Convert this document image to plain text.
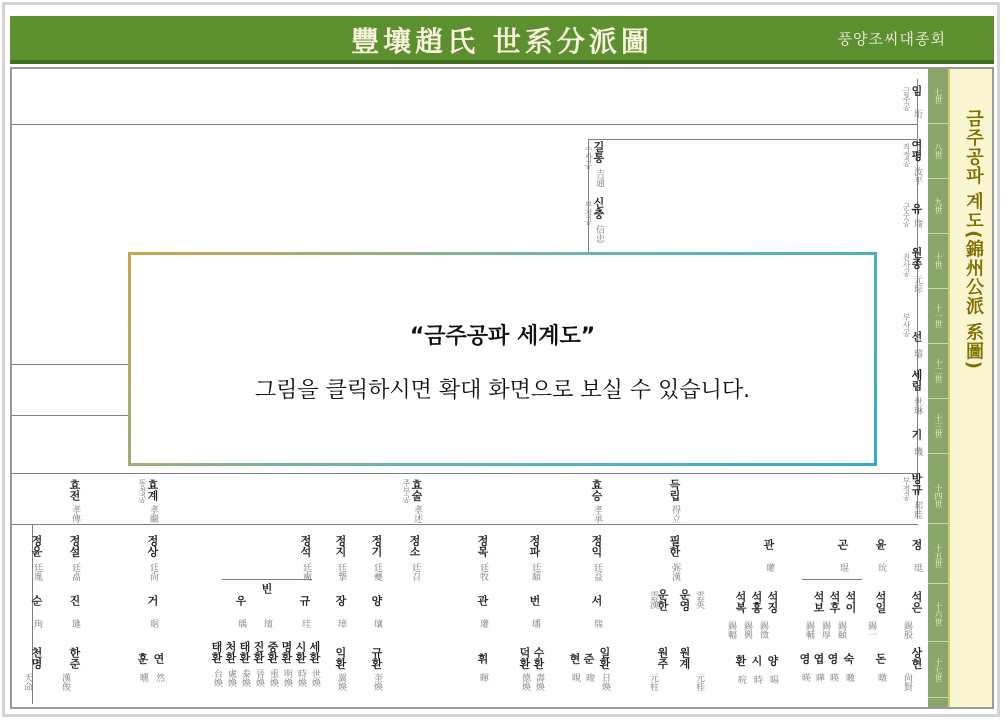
豐壤趙氏 世系分派圖	풍양조씨대종회
임
珩
금주공
여평
汝平
직정공
유
瑜
군수공
원종
元琮
진사공
선
璿
부사공
세림
世琳
기
璣
방규
邦珪
부정공
길통
吉通
수사공
신충
信忠
부정공
효전
孝傳
효계
孝繼
통정공	효술
孝述
주부공	효승
孝承
득립
得立
정윤
廷胤
정설
廷卨
정상
廷尙
정석
廷奭
정지
廷摯
정기
廷夔
정소
廷召
정목
廷牧
정파
廷頗
정익
廷益
필한
弼漢
관
瓘
곤
琨
윤
玧
정
珽
순
珣
진
璡
거
琚
우
瑀
빈
璸
규
珪
장
璋
양
瓖
관
瓘
번
璠
서
瑞
운한
雲漢 운영 雲英	석복
錫輻
석홍
錫興
석징
錫徵
석보
錫輔
석후
錫厚
석이
錫頤
석일
錫一
석은
錫殷
천명
天命
한준
漢俊
훈
曛
연
然
태환
台煥
처환
處煥
태환
泰煥
진환
晉煥
중환
重煥
명환
明煥
시환
時煥
세환
世煥
익환
翼煥
규환
奎煥
휘
暉
덕환
德煥
수환
壽煥
현
晛
준
晙
일환
日煥
원주
元柱
원계
元桂
환
晥
시
時
양
暘
영
暎
엽
曄
영
暎
숙
曒
돈
暾
상현
尙賢
七世
八世
九世
十世
十一世
十二世
十三世
十四世
十五世
十六世
十七世
금주공파 계도(錦州公派 系圖)
“금주공파 세계도”
그림을 클릭하시면 확대 화면으로 보실 수 있습니다.
